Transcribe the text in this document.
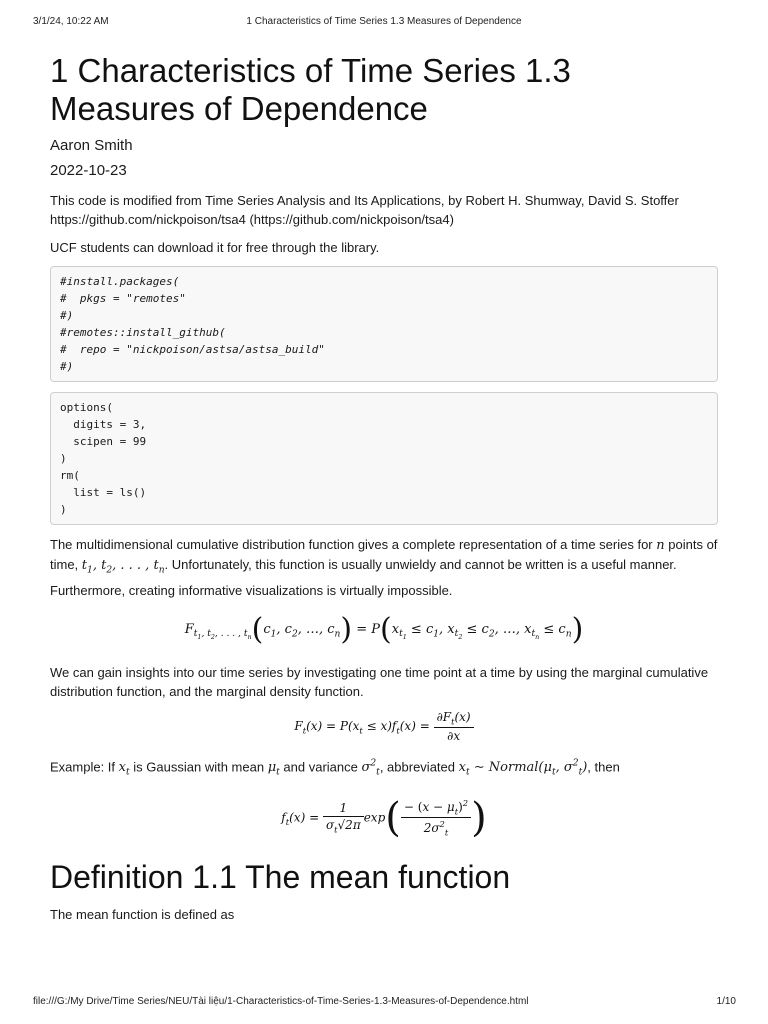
3/1/24, 10:22 AM	1 Characteristics of Time Series 1.3 Measures of Dependence
1 Characteristics of Time Series 1.3 Measures of Dependence
Aaron Smith
2022-10-23

This code is modified from Time Series Analysis and Its Applications, by Robert H. Shumway, David S. Stoffer
https://github.com/nickpoison/tsa4 (https://github.com/nickpoison/tsa4)

UCF students can download it for free through the library.

#install.packages(
#  pkgs = "remotes"
#)
#remotes::install_github(
#  repo = "nickpoison/astsa/astsa_build"
#)
options(
digits = 3,
scipen = 99
)
rm(
list = ls()
)

The multidimensional cumulative distribution function gives a complete representation of a time series for n points of time, $t_1$, $t_2$, . . . , $t_n$. Unfortunately, this function is usually unwieldy and cannot be written is a useful manner. Furthermore, creating informative visualizations is virtually impossible.

$F_{t_1, t_2, . . . , t_n}(c_1$, $c_2$, …, $c_n) = P(x_{t_1} \le c_1$, $x_{t_2} \le c_2$, …, $x_{t_n} \le c_n$)

We can gain insights into our time series by investigating one time point at a time by using the marginal cumulative distribution function, and the marginal density function.

$F_t(x) = P(x_t \le x)f_t(x) = \frac{\partial F_t(x)}{\partial x}$

Example: If $x_t$ is Gaussian with mean $\mu_t$ and variance $\sigma^2_t$, abbreviated $x_t$ ∼ $Normal(\mu_t$, $\sigma^2_t$), then

$f_t(x) = \frac{1}{\sigma_t√2\pi} \exp( \frac{- (x - \mu_t)^2}{2\sigma^2_t}$ )
Definition 1.1 The mean function

The mean function is defined as

file:///G:/My Drive/Time Series/NEU/Tài liệu/1-Characteristics-of-Time-Series-1.3-Measures-of-Dependence.html	1/10
